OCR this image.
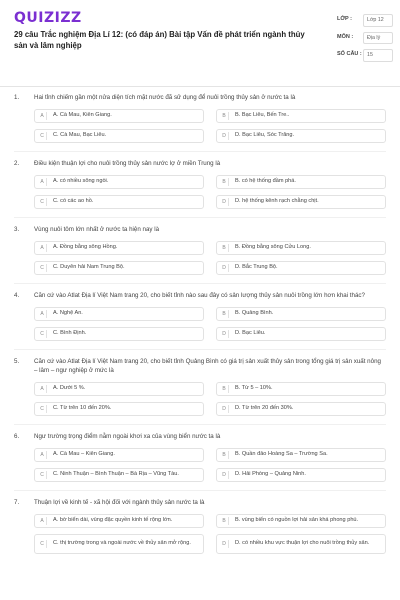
QUIZIZZ
29 câu Trắc nghiệm Địa Lí 12: (có đáp án) Bài tập Vấn đề phát triển ngành thủy sản và lâm nghiệp
LỚP :	Lớp 12
MÔN :	Địa lý
SỐ CÂU : 15
1.	Hai tỉnh chiếm gần một nửa diện tích mặt nước đã sử dụng để nuôi trồng thủy sản ở nước ta là
A	A. Cà Mau, Kiên Giang.	B	B. Bạc Liêu, Bến Tre..
C	C. Cà Mau, Bạc Liêu.	D	D. Bạc Liêu, Sóc Trăng.
2.	Điều kiện thuận lợi cho nuôi trồng thủy sản nước lợ ở miền Trung là
A	A. có nhiều sông ngòi.	B	B. có hệ thống đầm phá.
C	C. có các ao hồ.	D	D. hệ thống kênh rạch chằng chịt.
3.	Vùng nuôi tôm lớn nhất ở nước ta hiện nay là
A	A. Đồng bằng sông Hồng.	B	B. Đồng bằng sông Cửu Long.
C	C. Duyên hải Nam Trung Bộ.	D	D. Bắc Trung Bộ.
4.	Căn cứ vào Atlat Địa lí Việt Nam trang 20, cho biết tỉnh nào sau đây có sản lượng thủy sản nuôi trồng lớn hơn khai thác?
A	A. Nghệ An.	B	B. Quảng Bình.
C	C. Bình Định.	D	D. Bạc Liêu.
5.	Căn cứ vào Atlat Địa lí Việt Nam trang 20, cho biết tỉnh Quảng Bình có giá trị sản xuất thủy sản trong tổng giá trị sản xuất nông – lâm – ngư nghiệp ở mức là
A	A. Dưới 5 %.	B	B. Từ 5 – 10%.
C	C. Từ trên 10 đến 20%.	D	D. Từ trên 20 đến 30%.
6.	Ngư trường trọng điểm nằm ngoài khơi xa của vùng biển nước ta là
A	A. Cà Mau – Kiên Giang.	B	B. Quần đảo Hoàng Sa – Trường Sa.
C	C. Ninh Thuận – Bình Thuận – Bà Rịa – Vũng Tàu.	D	D. Hải Phòng – Quảng Ninh.
7.	Thuận lợi về kinh tế - xã hội đối với ngành thủy sản nước ta là
A	A. bờ biển dài, vùng đặc quyền kinh tế rộng lớn.	B	B. vùng biển có nguồn lợi hải sản khá phong phú.
C	C. thị trường trong và ngoài nước về thủy sản mở rộng.	D	D. có nhiều khu vực thuận lợi cho nuôi trồng thủy sản.
